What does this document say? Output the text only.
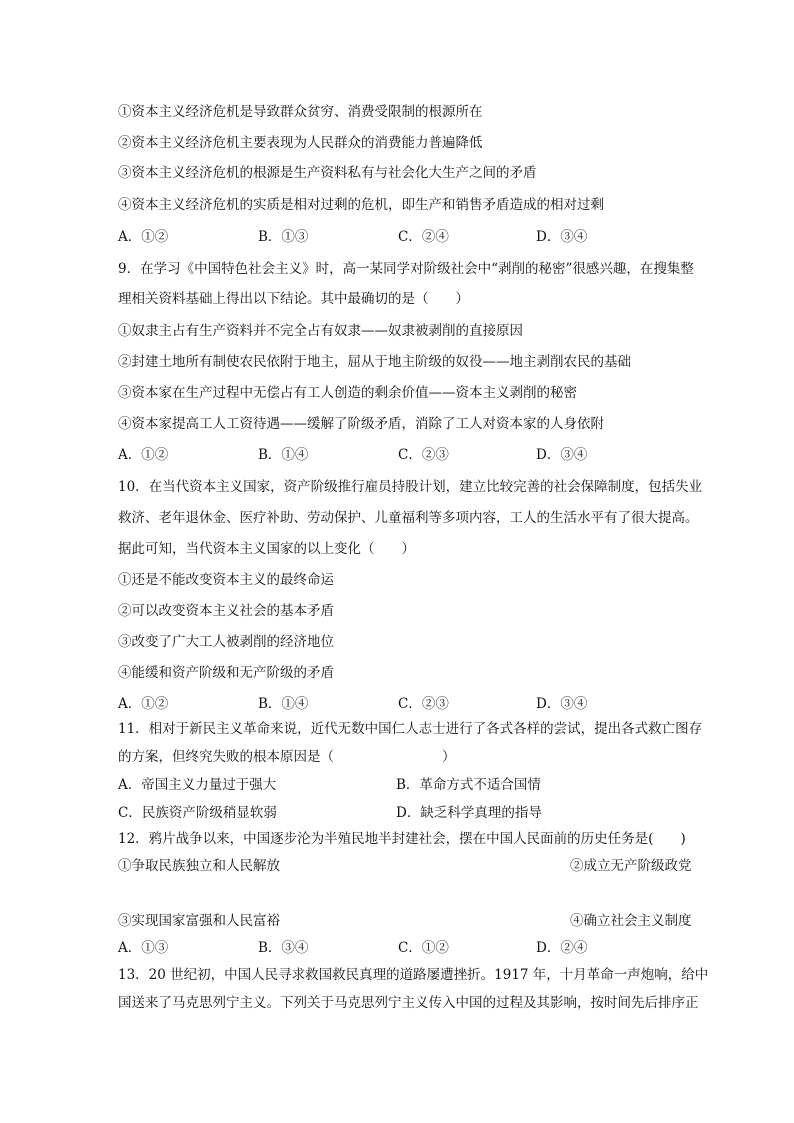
①资本主义经济危机是导致群众贫穷、消费受限制的根源所在
②资本主义经济危机主要表现为人民群众的消费能力普遍降低
③资本主义经济危机的根源是生产资料私有与社会化大生产之间的矛盾
④资本主义经济危机的实质是相对过剩的危机，即生产和销售矛盾造成的相对过剩
A．①②	B．①③	C．②④	D．③④
9．在学习《中国特色社会主义》时，高一某同学对阶级社会中“剥削的秘密”很感兴趣，在搜集整
理相关资料基础上得出以下结论。其中最确切的是（　　）
①奴隶主占有生产资料并不完全占有奴隶——奴隶被剥削的直接原因
②封建土地所有制使农民依附于地主，屈从于地主阶级的奴役——地主剥削农民的基础
③资本家在生产过程中无偿占有工人创造的剩余价值——资本主义剥削的秘密
④资本家提高工人工资待遇——缓解了阶级矛盾，消除了工人对资本家的人身依附
A．①②	B．①④	C．②③	D．③④
10．在当代资本主义国家，资产阶级推行雇员持股计划，建立比较完善的社会保障制度，包括失业
救济、老年退休金、医疗补助、劳动保护、儿童福利等多项内容，工人的生活水平有了很大提高。
据此可知，当代资本主义国家的以上变化（　　）
①还是不能改变资本主义的最终命运
②可以改变资本主义社会的基本矛盾
③改变了广大工人被剥削的经济地位
④能缓和资产阶级和无产阶级的矛盾
A．①②	B．①④	C．②③	D．③④
11．相对于新民主义革命来说，近代无数中国仁人志士进行了各式各样的尝试，提出各式救亡图存
的方案，但终究失败的根本原因是（　　　　　　　　）
A．帝国主义力量过于强大	B．革命方式不适合国情
C．民族资产阶级稍显软弱	D．缺乏科学真理的指导
12．鸦片战争以来，中国逐步沦为半殖民地半封建社会，摆在中国人民面前的历史任务是(　　)
①争取民族独立和人民解放	②成立无产阶级政党
③实现国家富强和人民富裕	④确立社会主义制度
A．①③	B．③④	C．①②	D．②④
13．20 世纪初，中国人民寻求救国救民真理的道路屡遭挫折。1917 年，十月革命一声炮响，给中
国送来了马克思列宁主义。下列关于马克思列宁主义传入中国的过程及其影响，按时间先后排序正
